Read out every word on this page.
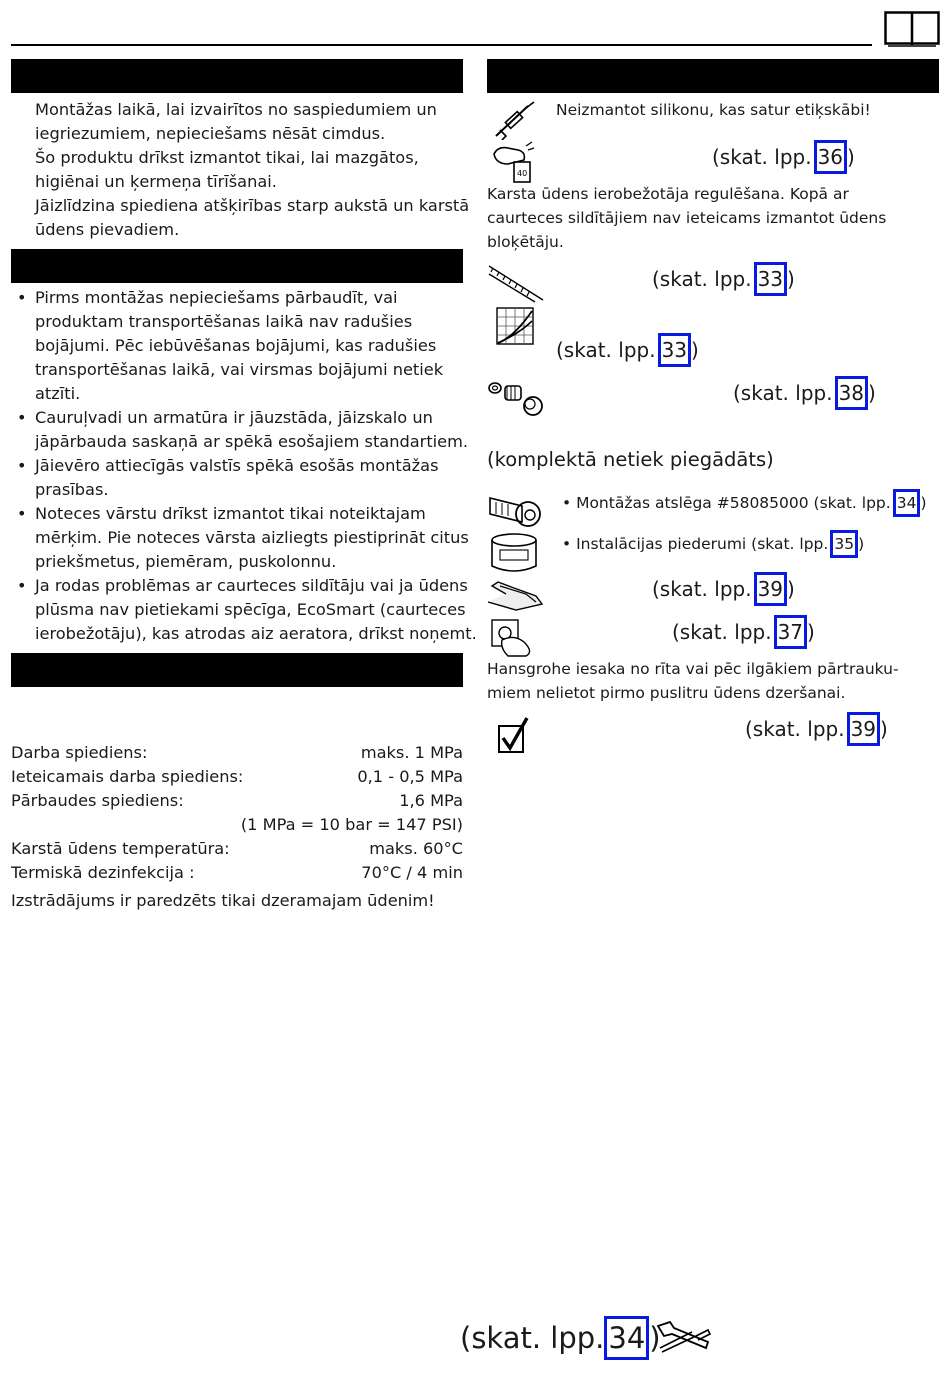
Montāžas laikā, lai izvairītos no saspiedumiem un
iegriezumiem, nepieciešams nēsāt cimdus.
Šo produktu drīkst izmantot tikai, lai mazgātos,
higiēnai un ķermeņa tīrīšanai.
Jāizlīdzina spiediena atšķirības starp aukstā un karstā
ūdens pievadiem.
• Pirms montāžas nepieciešams pārbaudīt, vai
produktam transportēšanas laikā nav radušies
bojājumi. Pēc iebūvēšanas bojājumi, kas radušies
transportēšanas laikā, vai virsmas bojājumi netiek
atzīti.
• Cauruļvadi un armatūra ir jāuzstāda, jāizskalo un
jāpārbauda saskaņā ar spēkā esošajiem standartiem.
• Jāievēro attiecīgās valstīs spēkā esošās montāžas
prasības.
• Noteces vārstu drīkst izmantot tikai noteiktajam
mērķim. Pie noteces vārsta aizliegts piestiprināt citus
priekšmetus, piemēram, puskolonnu.
• Ja rodas problēmas ar caurteces sildītāju vai ja ūdens
plūsma nav pietiekami spēcīga, EcoSmart (caurteces
ierobežotāju), kas atrodas aiz aeratora, drīkst noņemt.
Darba spiediens:	maks. 1 MPa
Ieteicamais darba spiediens:	0,1 - 0,5 MPa
Pārbaudes spiediens:	1,6 MPa
(1 MPa = 10 bar = 147 PSI)
Karstā ūdens temperatūra:	maks. 60°C
Termiskā dezinfekcija :	70°C / 4 min
Izstrādājums ir paredzēts tikai dzeramajam ūdenim!
Neizmantot silikonu, kas satur etiķskābi!
40
(skat. lpp. 36 )
Karsta ūdens ierobežotāja regulēšana. Kopā ar
caurteces sildītājiem nav ieteicams izmantot ūdens
bloķētāju.
(skat. lpp. 33 )
(skat. lpp. 33 )
(skat. lpp. 38 )
(komplektā netiek piegādāts)
• Montāžas atslēga #58085000 (skat. lpp. 34 )
• Instalācijas piederumi (skat. lpp. 35 )
(skat. lpp. 39 )
(skat. lpp. 37 )
Hansgrohe iesaka no rīta vai pēc ilgākiem pārtrauku-
miem nelietot pirmo puslitru ūdens dzeršanai.
(skat. lpp. 39 )
(skat. lpp. 34 )
